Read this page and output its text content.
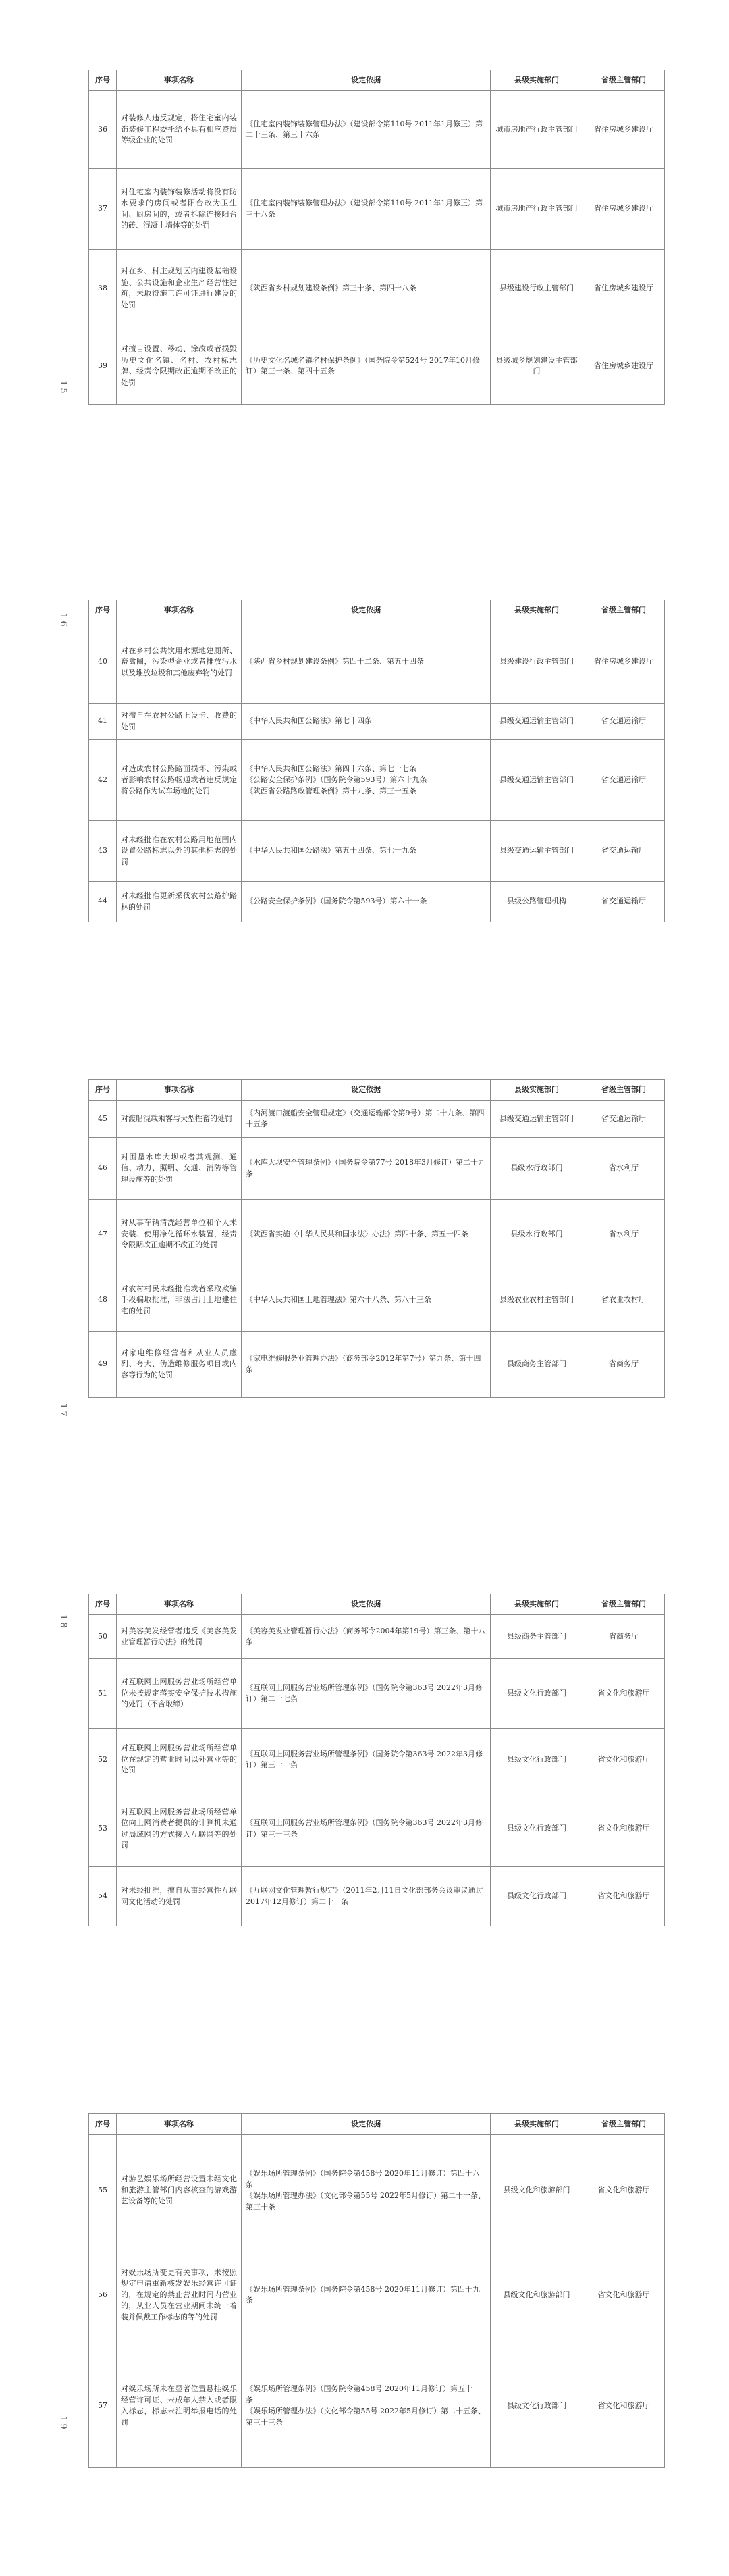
— 15 —
序号	事项名称	设定依据	县级实施部门	省级主管部门
36	对装修人违反规定，将住宅室内装饰装修工程委托给不具有相应资质等级企业的处罚	《住宅室内装饰装修管理办法》（建设部令第110号 2011年1月修正）第二十三条、第三十六条	城市房地产行政主管部门	省住房城乡建设厅
37	对住宅室内装饰装修活动将没有防水要求的房间或者阳台改为卫生间、厨房间的，或者拆除连接阳台的砖、混凝土墙体等的处罚	《住宅室内装饰装修管理办法》（建设部令第110号 2011年1月修正）第三十八条	城市房地产行政主管部门	省住房城乡建设厅
38	对在乡、村庄规划区内建设基础设施、公共设施和企业生产经营性建筑，未取得施工许可证进行建设的处罚	《陕西省乡村规划建设条例》第三十条、第四十八条	县级建设行政主管部门	省住房城乡建设厅
39	对擅自设置、移动、涂改或者损毁历史文化名镇、名村、农村标志牌、经责令限期改正逾期不改正的处罚	《历史文化名城名镇名村保护条例》（国务院令第524号 2017年10月修订）第三十条、第四十五条	县级城乡规划建设主管部门	省住房城乡建设厅
— 16 —	序号	事项名称	设定依据	县级实施部门	省级主管部门
40	对在乡村公共饮用水源地建厕所、畜禽圈，污染型企业或者排放污水以及堆放垃圾和其他废弃物的处罚	《陕西省乡村规划建设条例》第四十二条、第五十四条	县级建设行政主管部门	省住房城乡建设厅
41	对擅自在农村公路上设卡、收费的处罚	《中华人民共和国公路法》第七十四条	县级交通运输主管部门	省交通运输厅
42	对造成农村公路路面损坏、污染或者影响农村公路畅通或者违反规定将公路作为试车场地的处罚	《中华人民共和国公路法》第四十六条、第七十七条
《公路安全保护条例》（国务院令第593号）第六十九条
《陕西省公路路政管理条例》第十九条、第三十五条	县级交通运输主管部门	省交通运输厅
43	对未经批准在农村公路用地范围内设置公路标志以外的其他标志的处罚	《中华人民共和国公路法》第五十四条、第七十九条	县级交通运输主管部门	省交通运输厅
44	对未经批准更新采伐农村公路护路林的处罚	《公路安全保护条例》（国务院令第593号）第六十一条	县级公路管理机构	省交通运输厅
— 17 —
序号	事项名称	设定依据	县级实施部门	省级主管部门
45	对渡船混载乘客与大型牲畜的处罚	《内河渡口渡船安全管理规定》（交通运输部令第9号）第二十九条、第四十五条	县级交通运输主管部门	省交通运输厅
46	对围垦水库大坝或者其观测、通信、动力、照明、交通、消防等管理设施等的处罚	《水库大坝安全管理条例》（国务院令第77号 2018年3月修订）第二十九条	县级水行政部门	省水利厅
47	对从事车辆清洗经营单位和个人未安装、使用净化循环水装置，经责令限期改正逾期不改正的处罚	《陕西省实施〈中华人民共和国水法〉办法》第四十条、第五十四条	县级水行政部门	省水利厅
48	对农村村民未经批准或者采取欺骗手段骗取批准，非法占用土地建住宅的处罚	《中华人民共和国土地管理法》第六十八条、第八十三条	县级农业农村主管部门	省农业农村厅
49	对家电维修经营者和从业人员虚列、夸大、伪造维修服务项目或内容等行为的处罚	《家电维修服务业管理办法》（商务部令2012年第7号）第九条、第十四条	县级商务主管部门	省商务厅
— 18 —	序号	事项名称	设定依据	县级实施部门	省级主管部门
50	对美容美发经营者违反《美容美发业管理暂行办法》的处罚	《美容美发业管理暂行办法》（商务部令2004年第19号）第三条、第十八条	县级商务主管部门	省商务厅
51	对互联网上网服务营业场所经营单位未按规定落实安全保护技术措施的处罚（不含取缔）	《互联网上网服务营业场所管理条例》（国务院令第363号 2022年3月修订）第二十七条	县级文化行政部门	省文化和旅游厅
52	对互联网上网服务营业场所经营单位在规定的营业时间以外营业等的处罚	《互联网上网服务营业场所管理条例》（国务院令第363号 2022年3月修订）第三十一条	县级文化行政部门	省文化和旅游厅
53	对互联网上网服务营业场所经营单位向上网消费者提供的计算机未通过局域网的方式接入互联网等的处罚	《互联网上网服务营业场所管理条例》（国务院令第363号 2022年3月修订）第三十三条	县级文化行政部门	省文化和旅游厅
54	对未经批准，擅自从事经营性互联网文化活动的处罚	《互联网文化管理暂行规定》（2011年2月11日文化部部务会议审议通过 2017年12月修订）第二十一条	县级文化行政部门	省文化和旅游厅
— 19 —
序号	事项名称	设定依据	县级实施部门	省级主管部门
55	对游艺娱乐场所经营设置未经文化和旅游主管部门内容核查的游戏游艺设备等的处罚	《娱乐场所管理条例》（国务院令第458号 2020年11月修订）第四十八条
《娱乐场所管理办法》（文化部令第55号 2022年5月修订）第二十一条、第三十条	县级文化和旅游部门	省文化和旅游厅
56	对娱乐场所变更有关事项，未按照规定申请重新核发娱乐经营许可证的，在规定的禁止营业时间内营业的，从业人员在营业期间未统一着装并佩戴工作标志的等的处罚	《娱乐场所管理条例》（国务院令第458号 2020年11月修订）第四十九条	县级文化和旅游部门	省文化和旅游厅
57	对娱乐场所未在显著位置悬挂娱乐经营许可证、未成年人禁入或者限入标志，标志未注明举报电话的处罚	《娱乐场所管理条例》（国务院令第458号 2020年11月修订）第五十一条
《娱乐场所管理办法》（文化部令第55号 2022年5月修订）第二十五条、第三十三条	县级文化行政部门	省文化和旅游厅
